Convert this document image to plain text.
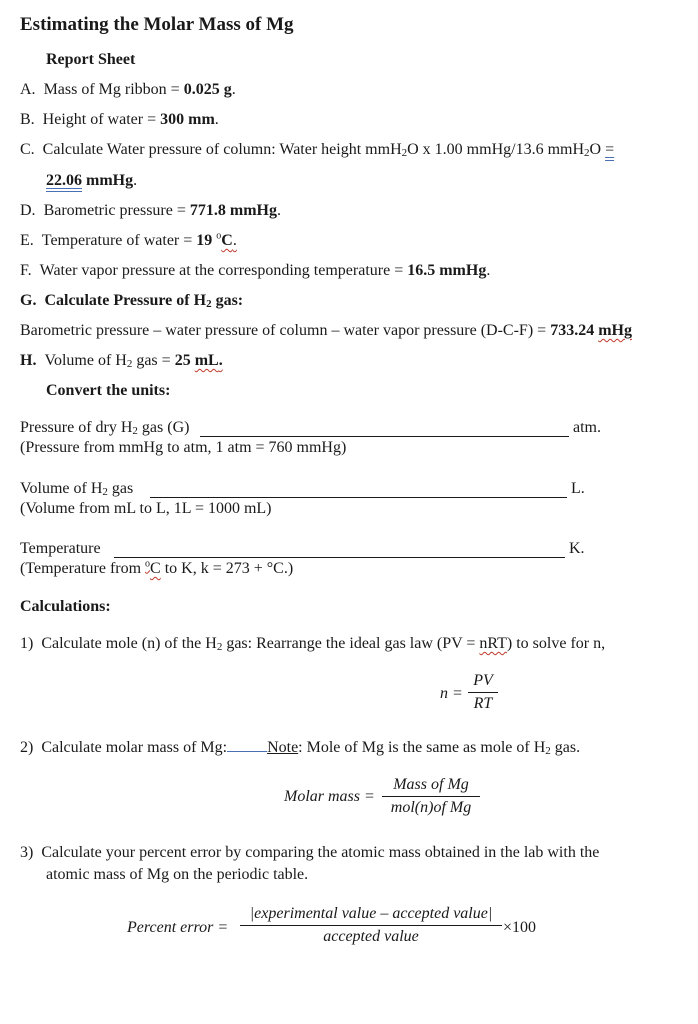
Estimating the Molar Mass of Mg
Report Sheet
A. Mass of Mg ribbon = 0.025 g.
B. Height of water = 300 mm.
C. Calculate Water pressure of column: Water height mmH$_2$O x 1.00 mmHg/13.6 mmH$_2$O =
22.06 mmHg.
D. Barometric pressure = 771.8 mmHg.
E. Temperature of water = 19 $^o$C.
F. Water vapor pressure at the corresponding temperature = 16.5 mmHg.
G. Calculate Pressure of $H_2$ gas:
Barometric pressure – water pressure of column – water vapor pressure (D-C-F) = 733.24 mHg
H. Volume of $H_2$ gas = 25 mL.
Convert the units:
Pressure of dry $H_2$ gas (G)	atm.
(Pressure from mmHg to atm, 1 atm = 760 mmHg)
Volume of $H_2$ gas	L.
(Volume from mL to L, 1L = 1000 mL)
Temperature	K.
(Temperature from $^o$C to K, k = 273 + °C.)
Calculations:
1) Calculate mole (n) of the $H_2$ gas: Rearrange the ideal gas law (PV = nRT) to solve for n,
n =
PV
RT
2) Calculate molar mass of Mg:	Note: Mole of Mg is the same as mole of $H_2$ gas.
Molar mass =
Mass of Mg
mol(n)of Mg
3) Calculate your percent error by comparing the atomic mass obtained in the lab with the
atomic mass of Mg on the periodic table.
Percent error =
|experimental value – accepted value|
accepted value
×100
